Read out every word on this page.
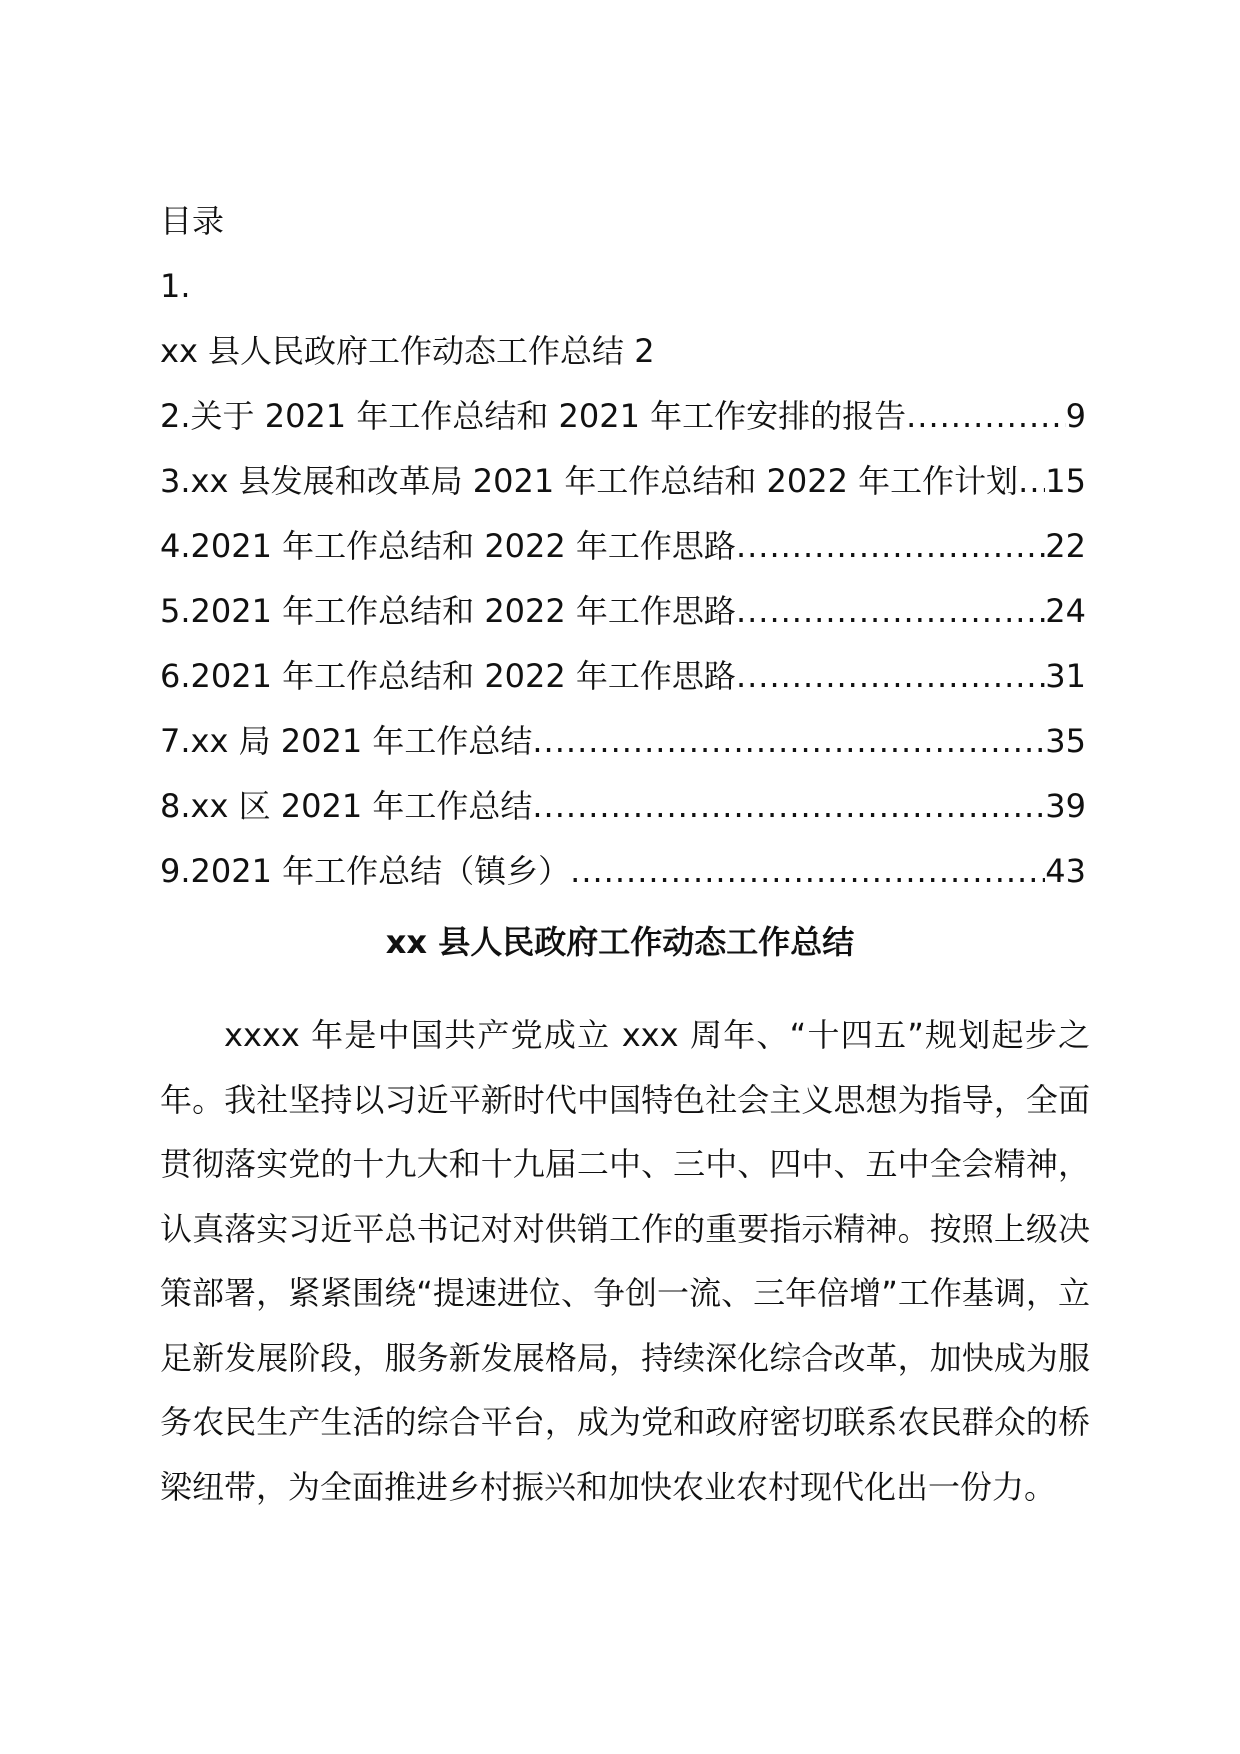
目录
1.
xx 县人民政府工作动态工作总结 2
2.关于 2021 年工作总结和 2021 年工作安排的报告 .....	9
3.xx 县发展和改革局 2021 年工作总结和 2022 年工作计划 ..... 15
4.2021 年工作总结和 2022 年工作思路 .....	22
5.2021 年工作总结和 2022 年工作思路 .....	24
6.2021 年工作总结和 2022 年工作思路 .....	31
7.xx 局 2021 年工作总结 .....	35
8.xx 区 2021 年工作总结 .....	39
9.2021 年工作总结（镇乡） .....	43
xx 县人民政府工作动态工作总结

xxxx 年是中国共产党成立 xxx 周年、“十四五”规划起步之年。我社坚持以习近平新时代中国特色社会主义思想为指导，全面贯彻落实党的十九大和十九届二中、三中、四中、五中全会精神，认真落实习近平总书记对对供销工作的重要指示精神。按照上级决策部署，紧紧围绕“提速进位、争创一流、三年倍增”工作基调，立足新发展阶段，服务新发展格局，持续深化综合改革，加快成为服务农民生产生活的综合平台，成为党和政府密切联系农民群众的桥梁纽带，为全面推进乡村振兴和加快农业农村现代化出一份力。
